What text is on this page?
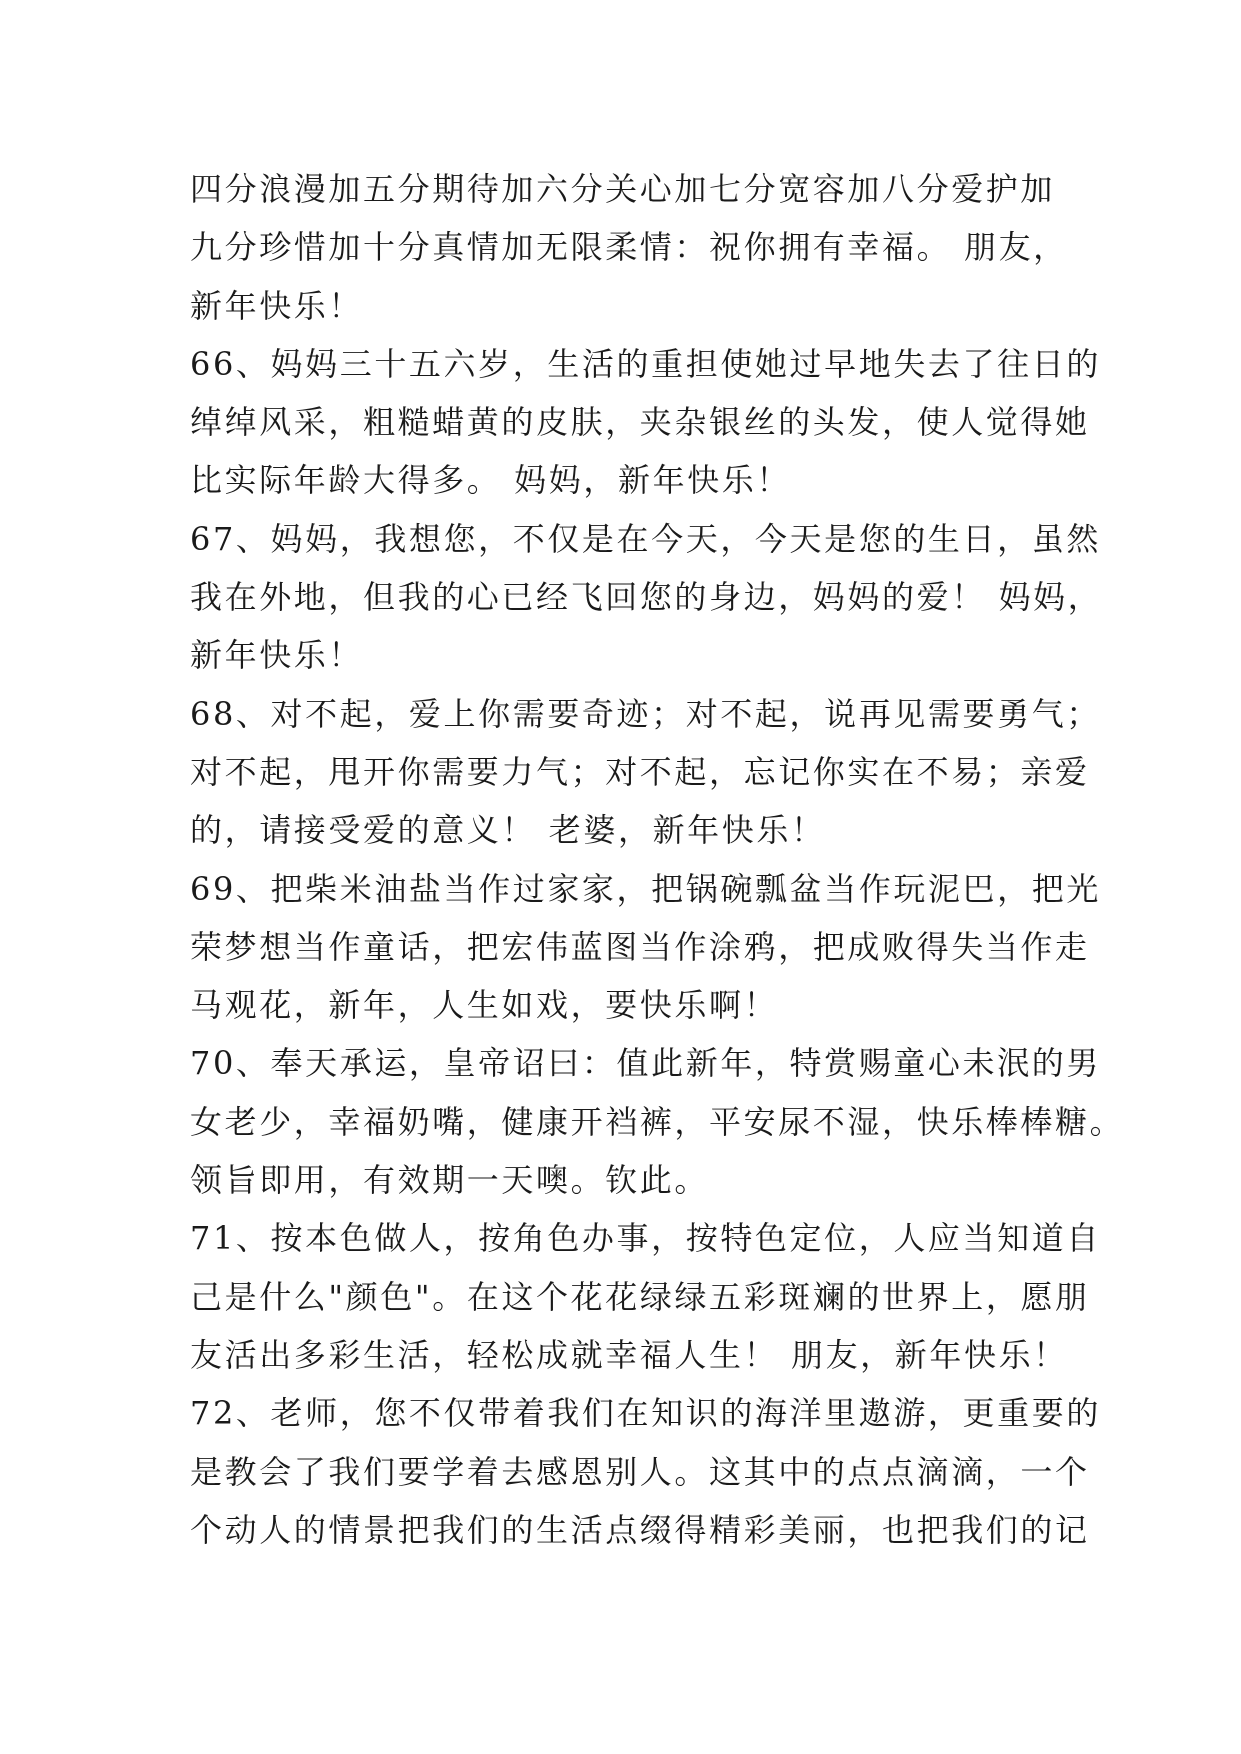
四分浪漫加五分期待加六分关心加七分宽容加八分爱护加
九分珍惜加十分真情加无限柔情：祝你拥有幸福。 朋友，
新年快乐！
66、妈妈三十五六岁，生活的重担使她过早地失去了往日的
绰绰风采，粗糙蜡黄的皮肤，夹杂银丝的头发，使人觉得她
比实际年龄大得多。 妈妈，新年快乐！
67、妈妈，我想您，不仅是在今天，今天是您的生日，虽然
我在外地，但我的心已经飞回您的身边，妈妈的爱！ 妈妈，
新年快乐！
68、对不起，爱上你需要奇迹；对不起，说再见需要勇气；
对不起，甩开你需要力气；对不起，忘记你实在不易；亲爱
的，请接受爱的意义！ 老婆，新年快乐！
69、把柴米油盐当作过家家，把锅碗瓢盆当作玩泥巴，把光
荣梦想当作童话，把宏伟蓝图当作涂鸦，把成败得失当作走
马观花，新年，人生如戏，要快乐啊！
70、奉天承运，皇帝诏曰：值此新年，特赏赐童心未泯的男
女老少，幸福奶嘴，健康开裆裤，平安尿不湿，快乐棒棒糖。
领旨即用，有效期一天噢。钦此。
71、按本色做人，按角色办事，按特色定位，人应当知道自
己是什么"颜色"。在这个花花绿绿五彩斑斓的世界上，愿朋
友活出多彩生活，轻松成就幸福人生！ 朋友，新年快乐！
72、老师，您不仅带着我们在知识的海洋里遨游，更重要的
是教会了我们要学着去感恩别人。这其中的点点滴滴，一个
个动人的情景把我们的生活点缀得精彩美丽，也把我们的记
